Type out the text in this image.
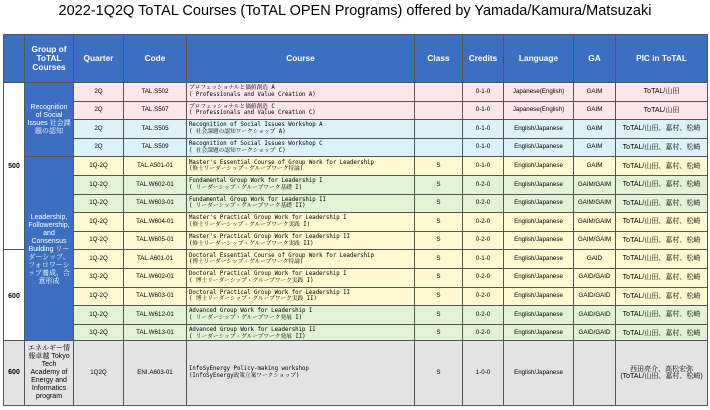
2022-1Q2Q ToTAL Courses (ToTAL OPEN Programs) offered by Yamada/Kamura/Matsuzaki
	Group of ToTAL Courses	Quarter	Code	Course	Class	Credits	Language	GA	PIC in ToTAL
500	Recognition of Social Issues 社会課題の認知	2Q	TAL.S502	プロフェッショナルと価値創造 A
( Professionals and Value Creation A)		0-1-0	Japanese(English)	GAIM	ToTAL/山田
		2Q	TAL.S507	プロフェッショナルと価値創造 C
( Professionals and Value Creation C)		0-1-0	Japanese(English)	GAIM	ToTAL/山田
		2Q	TAL.S505	Recognition of Social Issues Workshop A
( 社会課題の認知ワークショップ A)		0-1-0	English/Japanese	GAIM	ToTAL/山田、嘉村、松崎
		2Q	TAL.S509	Recognition of Social Issues Workshop C
( 社会課題の認知ワークショップ C)		0-1-0	English/Japanese	GAIM	ToTAL/山田、嘉村、松崎
	Leadership, Followership, and Consensus Building リーダーシップ、フォロワーシップ養成、合意形成	1Q-2Q	TAL.A501-01	Master's Essential Course of Group Work for Leadership
(修士リーダーシップ・グループワーク特論)	S	0-1-0	English/Japanese	GAIM	ToTAL/山田、嘉村、松崎
		1Q-2Q	TAL.W602-01	Fundamental Group Work for Leadership I
( リーダーシップ・グループワーク基礎 I)	S	0-2-0	English/Japanese	GAIM/GAIM	ToTAL/山田、嘉村、松崎
		1Q-2Q	TAL.W603-01	Fundamental Group Work for Leadership II
( リーダーシップ・グループワーク基礎 II)	S	0-2-0	English/Japanese	GAIM/GAIM	ToTAL/山田、嘉村、松崎
		1Q-2Q	TAL.W604-01	Master's Practical Group Work for Leadership I
(修士リーダーシップ・グループワーク実践 I)	S	0-2-0	English/Japanese	GAIM/GAIM	ToTAL/山田、嘉村、松崎
		1Q-2Q	TAL.W605-01	Master's Practical Group Work for Leadership II
(修士リーダーシップ・グループワーク実践 II)	S	0-2-0	English/Japanese	GAIM/GAIM	ToTAL/山田、嘉村、松崎
600		1Q-2Q	TAL.A601-01	Doctoral Essential Course of Group Work for Leadership
(博士リーダーシップ・グループワーク特論)	S	0-1-0	English/Japanese	GAID	ToTAL/山田、嘉村、松崎
		1Q-2Q	TAL.W602-01	Doctoral Practical Group Work for Leadership I
( 博士リーダーシップ・グループワーク実践 I)	S	0-2-0	English/Japanese	GAID/GAID	ToTAL/山田、嘉村、松崎
		1Q-2Q	TAL.W603-01	Doctoral Practical Group Work for Leadership II
( 博士リーダーシップ・グループワーク実践 II)	S	0-2-0	English/Japanese	GAID/GAID	ToTAL/山田、嘉村、松崎
		1Q-2Q	TAL.W612-01	Advanced Group Work for Leadership I
( リーダーシップ・グループワーク発展 I)	S	0-2-0	English/Japanese	GAID/GAID	ToTAL/山田、嘉村、松崎
		1Q-2Q	TAL.W613-01	Advanced Group Work for Leadership II
( リーダーシップ・グループワーク発展 II)	S	0-2-0	English/Japanese	GAID/GAID	ToTAL/山田、嘉村、松崎
600	エネルギー情報卓越 Tokyo Tech Academy of Energy and Informatics program	1Q2Q	ENI.A603-01	InfoSyEnergy Policy-making workshop
(InfoSyEnergy政策立案ワークショップ)
	S	1-0-0	English/Japanese		西田亮介、高松宏弥
(ToTAL/山田、嘉村、松崎)
